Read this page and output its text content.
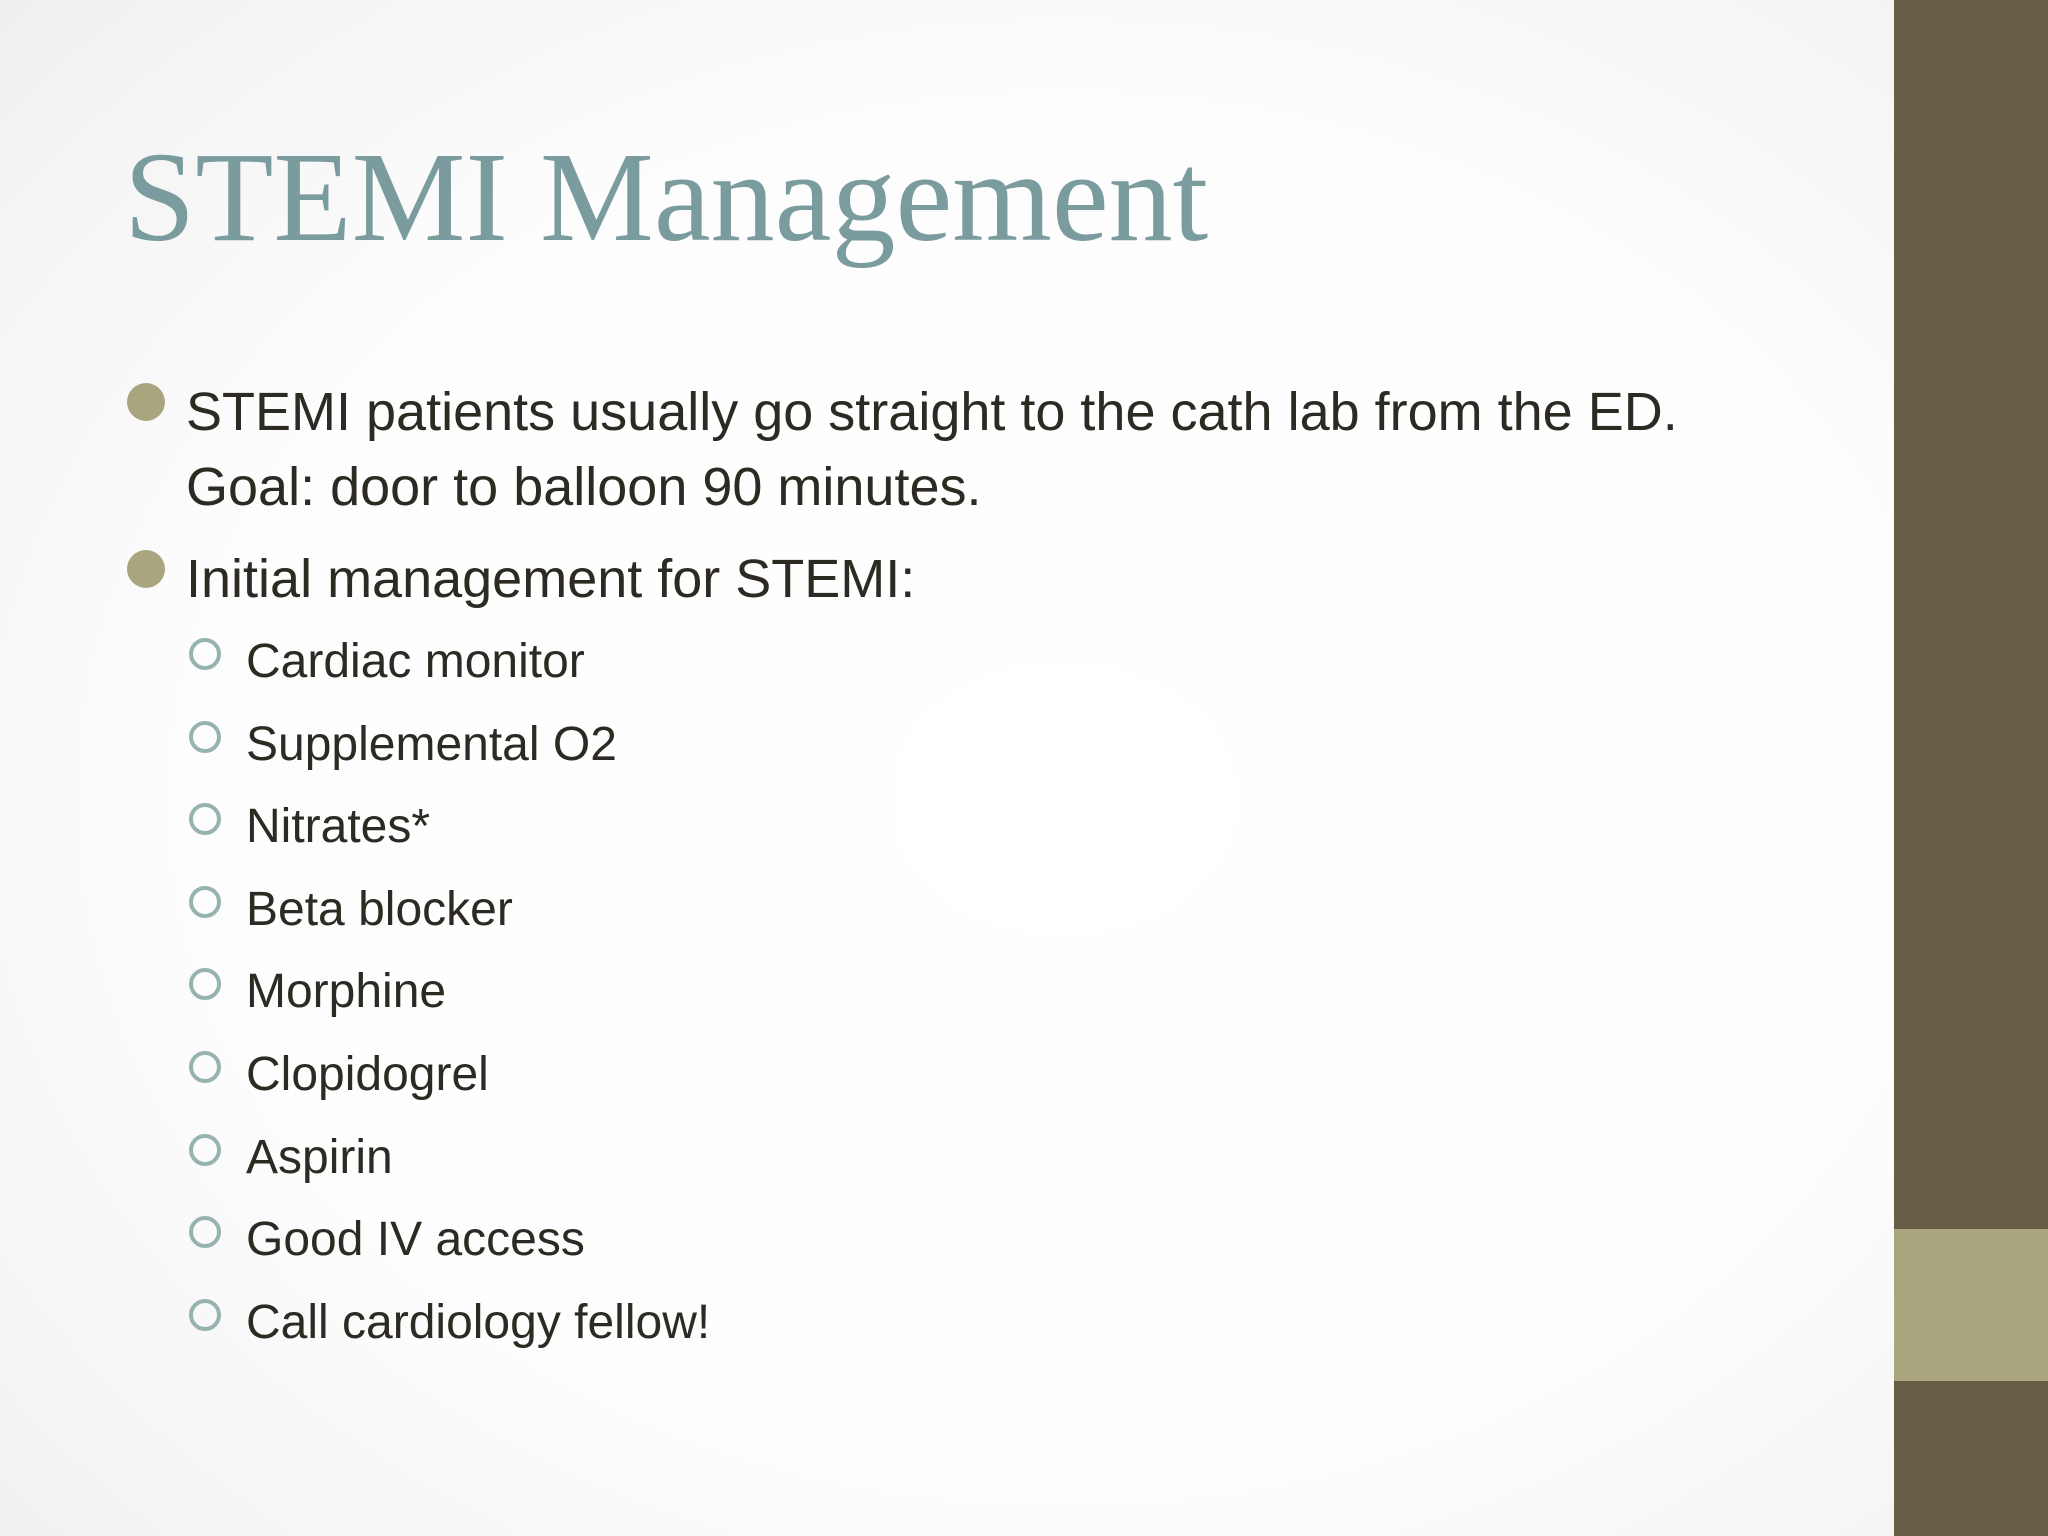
STEMI Management
STEMI patients usually go straight to the cath lab from the ED.
Goal: door to balloon 90 minutes.
Initial management for STEMI:
Cardiac monitor
Supplemental O2
Nitrates*
Beta blocker
Morphine
Clopidogrel
Aspirin
Good IV access
Call cardiology fellow!
